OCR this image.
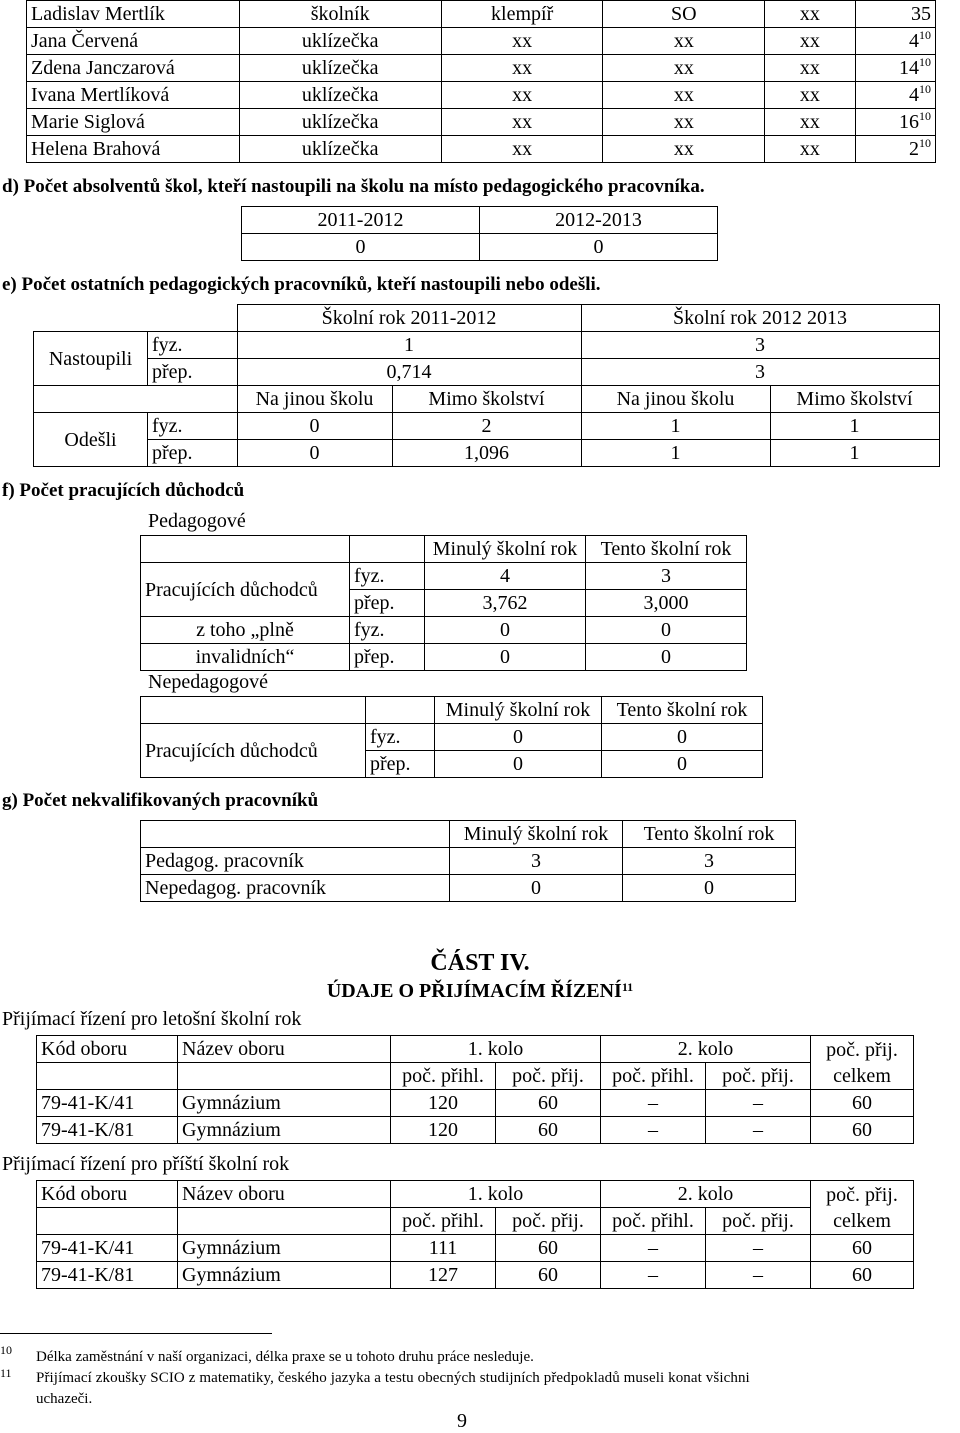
Ladislav Mertlík	školník	klempíř	SO	xx	35
Jana Červená	uklízečka	xx	xx	xx	$4^{10}$
Zdena Janczarová	uklízečka	xx	xx	xx	$14^{10}$
Ivana Mertlíková	uklízečka	xx	xx	xx	$4^{10}$
Marie Siglová	uklízečka	xx	xx	xx	$16^{10}$
Helena Brahová	uklízečka	xx	xx	xx	$2^{10}$
d) Počet absolventů škol, kteří nastoupili na školu na místo pedagogického pracovníka.
2011-2012	2012-2013
0	0
e) Počet ostatních pedagogických pracovníků, kteří nastoupili nebo odešli.
		Školní rok 2011-2012		Školní rok 2012 2013	
Nastoupili	fyz.	1		3	
	přep.	0,714		3	
		Na jinou školu	Mimo školství	Na jinou školu	Mimo školství
Odešli	fyz.	0	2	1	1
	přep.	0	1,096	1	1
f) Počet pracujících důchodců
Pedagogové
		Minulý školní rok	Tento školní rok
Pracujících důchodců	fyz.	4	3
	přep.	3,762	3,000
z toho „plně	fyz.	0	0
invalidních“	přep.	0	0
Nepedagogové
		Minulý školní rok	Tento školní rok
Pracujících důchodců	fyz.	0	0
	přep.	0	0
g) Počet nekvalifikovaných pracovníků
	Minulý školní rok	Tento školní rok
Pedagog. pracovník	3	3
Nepedagog. pracovník	0	0
ČÁST IV.
ÚDAJE O PŘIJÍMACÍM ŘÍZENÍ$^{11}$
Přijímací řízení pro letošní školní rok
Kód oboru	Název oboru	1. kolo		2. kolo		poč. přij.
celkem
		poč. přihl.	poč. přij.	poč. přihl.	poč. přij.	
79-41-K/41	Gymnázium	120	60	–	–	60
79-41-K/81	Gymnázium	120	60	–	–	60
Přijímací řízení pro příští školní rok
Kód oboru	Název oboru	1. kolo		2. kolo		poč. přij.
celkem
		poč. přihl.	poč. přij.	poč. přihl.	poč. přij.	
79-41-K/41	Gymnázium	111	60	–	–	60
79-41-K/81	Gymnázium	127	60	–	–	60
$^{10}$ Délka zaměstnání v naší organizaci, délka praxe se u tohoto druhu práce nesleduje.
$^{11}$ Přijímací zkoušky SCIO z matematiky, českého jazyka a testu obecných studijních předpokladů museli konat všichni
uchazeči.
9
